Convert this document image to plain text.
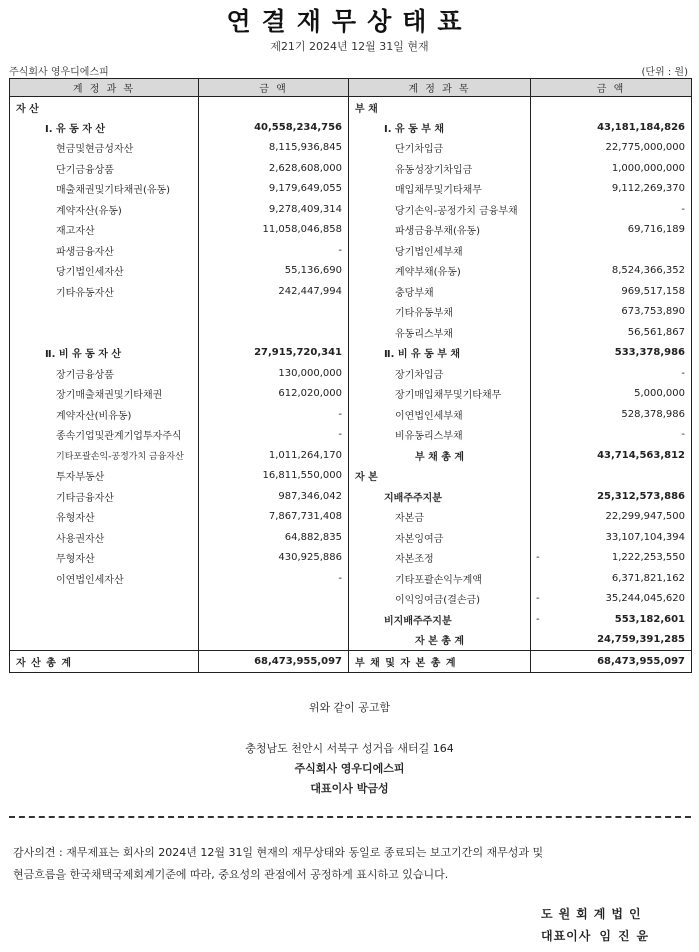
연결재무상태표
제21기 2024년 12월 31일 현재
주식회사 영우디에스피	(단위 : 원)
계 정 과 목	금 액	계 정 과 목	금 액	
자 산		부 채		
Ⅰ. 유 동 자 산	40,558,234,756	Ⅰ. 유 동 부 채		43,181,184,826
현금및현금성자산	8,115,936,845	단기차입금		22,775,000,000
단기금융상품	2,628,608,000	유동성장기차입금		1,000,000,000
매출채권및기타채권(유동)	9,179,649,055	매입채무및기타채무		9,112,269,370
계약자산(유동)	9,278,409,314	당기손익-공정가치 금융부채		-
재고자산	11,058,046,858	파생금융부채(유동)		69,716,189
파생금융자산	-	당기법인세부채		
당기법인세자산	55,136,690	계약부채(유동)		8,524,366,352
기타유동자산	242,447,994	충당부채		969,517,158
		기타유동부채		673,753,890
		유동리스부채		56,561,867
Ⅱ. 비 유 동 자 산	27,915,720,341	Ⅱ. 비 유 동 부 채		533,378,986
장기금융상품	130,000,000	장기차입금		-
장기매출채권및기타채권	612,020,000	장기매입채무및기타채무		5,000,000
계약자산(비유동)	-	이연법인세부채		528,378,986
종속기업및관계기업투자주식	-	비유동리스부채		-
기타포괄손익-공정가치 금융자산	1,011,264,170	부 채 총 계		43,714,563,812
투자부동산	16,811,550,000	자 본		
기타금융자산	987,346,042	지배주주지분		25,312,573,886
유형자산	7,867,731,408	자본금		22,299,947,500
사용권자산	64,882,835	자본잉여금		33,107,104,394
무형자산	430,925,886	자본조정	-	1,222,253,550
이연법인세자산	-	기타포괄손익누계액		6,371,821,162
		이익잉여금(결손금)	-	35,244,045,620
		비지배주주지분	-	553,182,601
		자 본 총 계		24,759,391,285
자 산 총 계	68,473,955,097	부 채 및 자 본 총 계		68,473,955,097
위와 같이 공고함
충청남도 천안시 서북구 성거읍 새터길 164
주식회사 영우디에스피
대표이사 박금성
감사의견 : 재무제표는 회사의 2024년 12월 31일 현재의 재무상태와 동일로 종료되는 보고기간의 재무성과 및
현금흐름을 한국채택국제회계기준에 따라, 중요성의 관점에서 공정하게 표시하고 있습니다.
도원회계법인
대표이사 임진윤
